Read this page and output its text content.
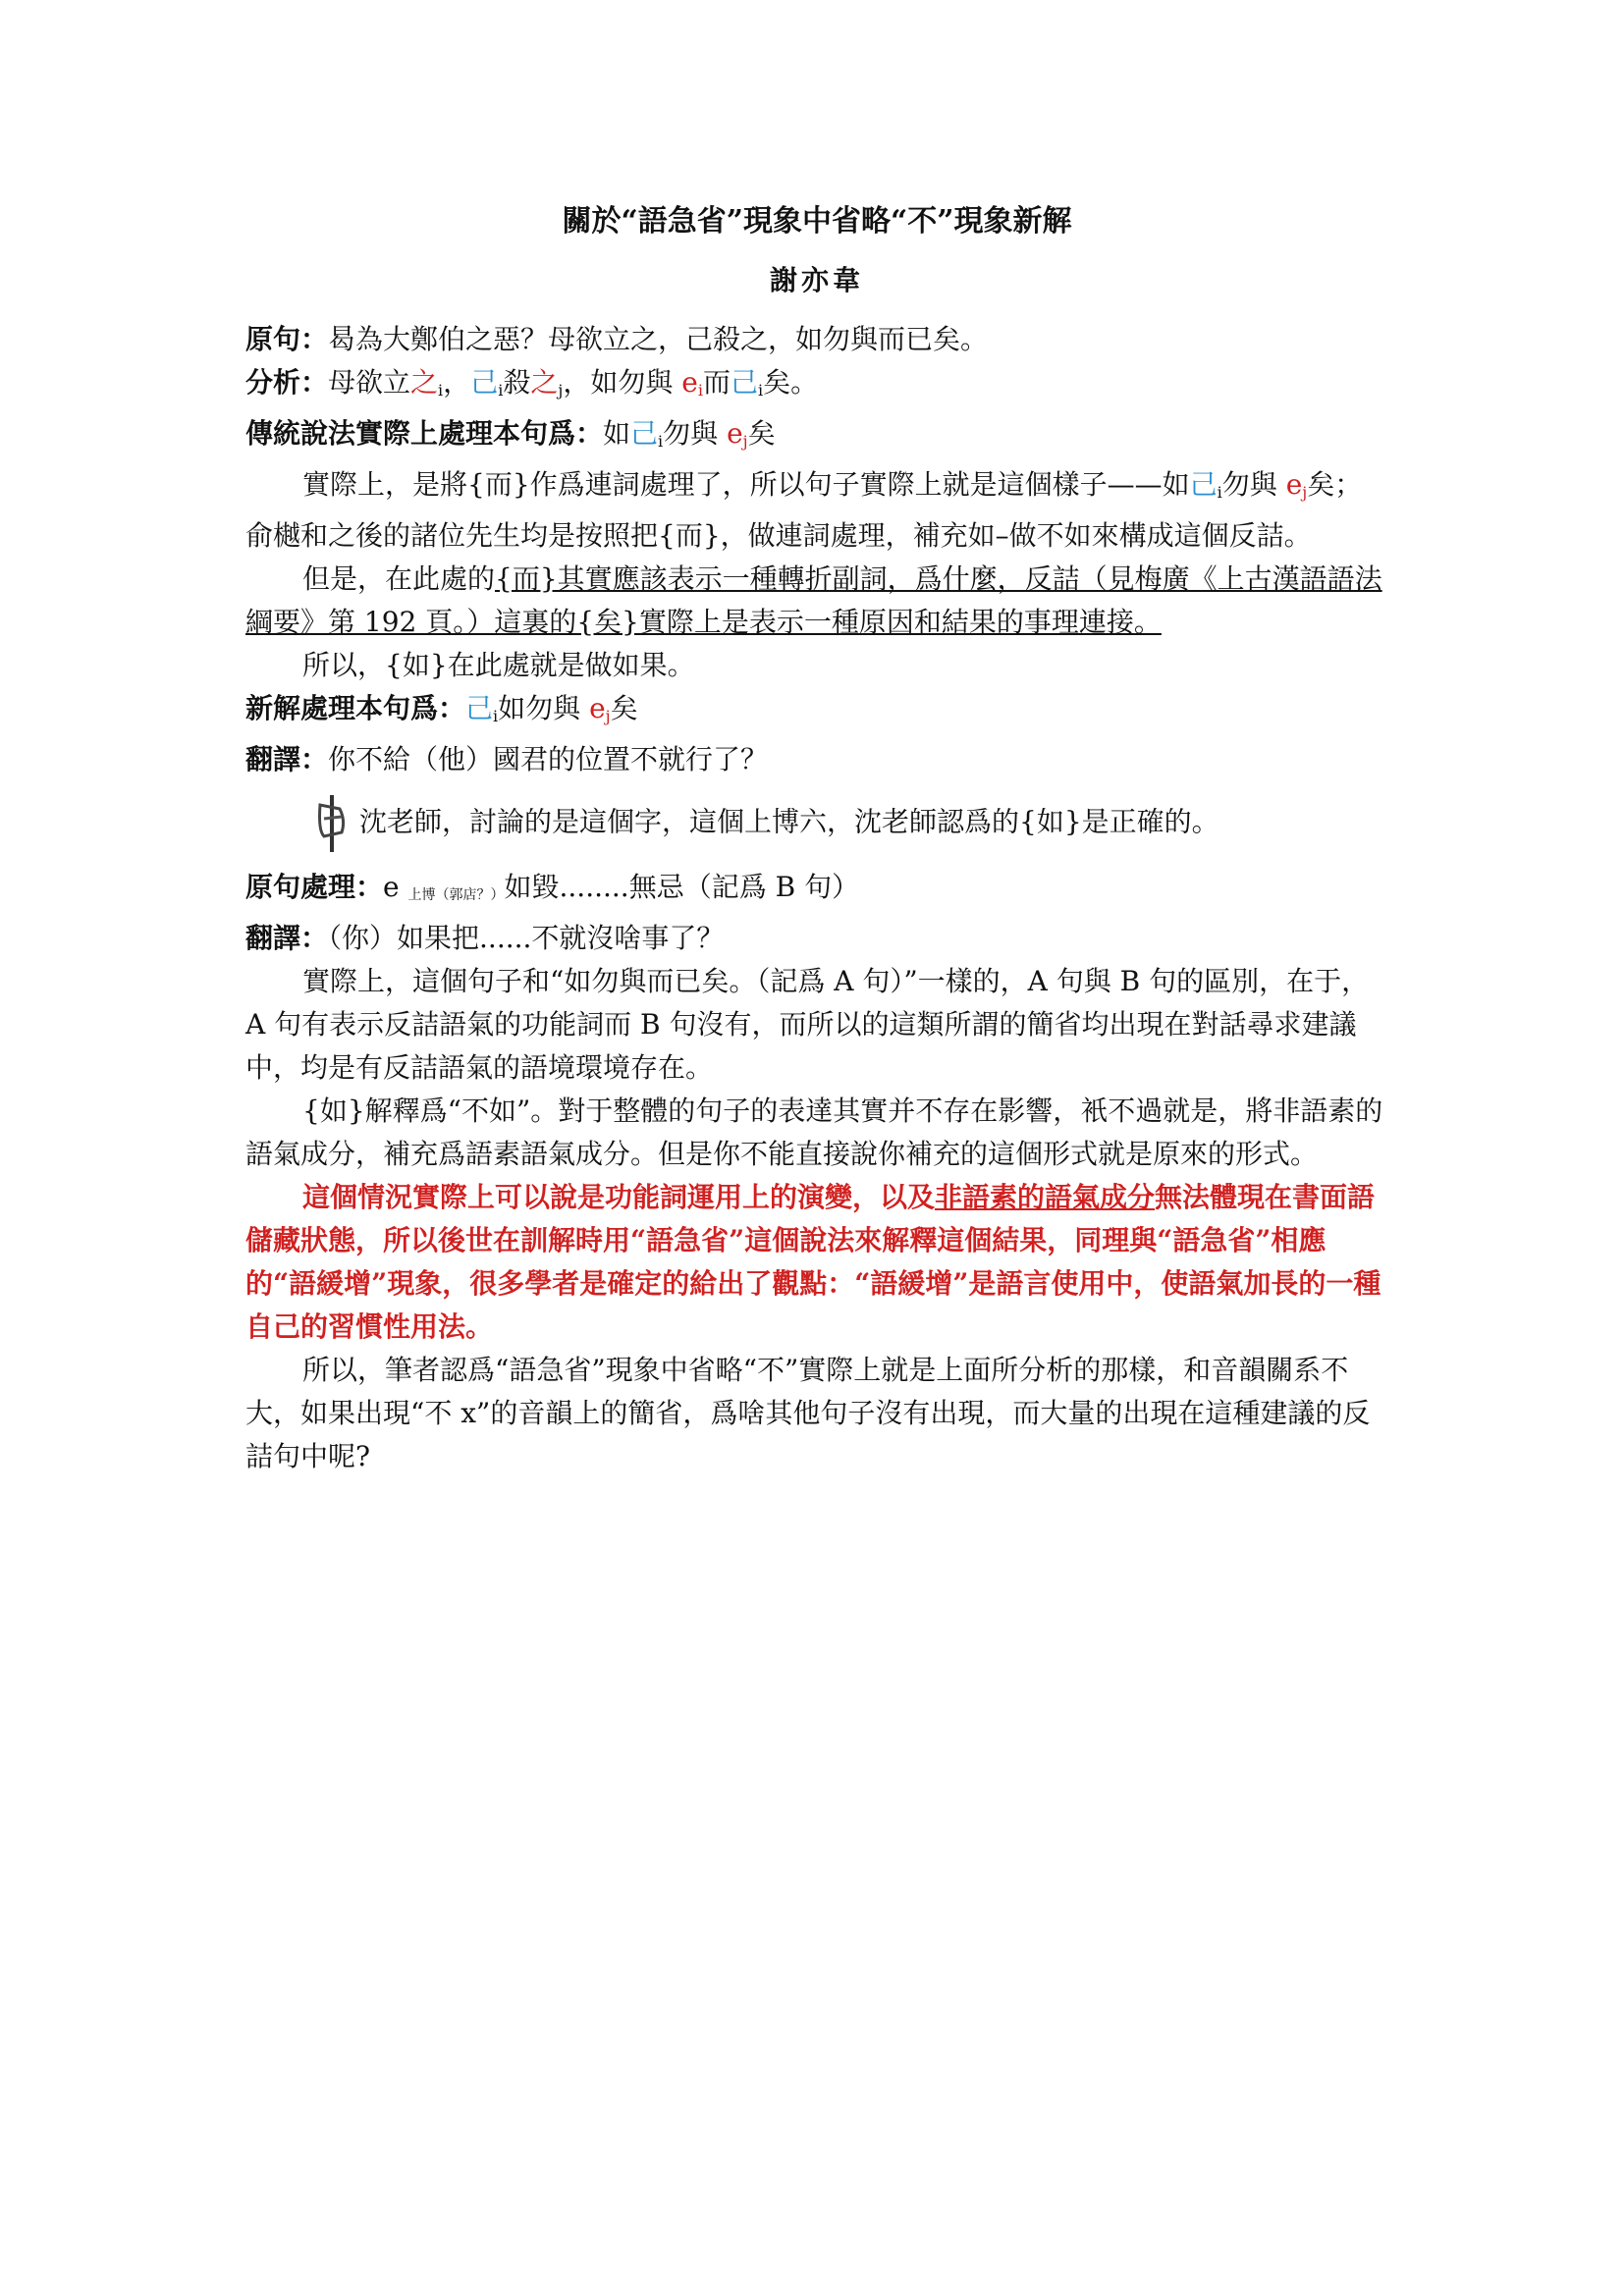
關於“語急省”現象中省略“不”現象新解
謝亦韋

原句：曷為大鄭伯之惡？母欲立之，己殺之，如勿與而已矣。

分析：母欲立之$_i$，己$_i$殺之$_j$，如勿與 $e_i$而己$_i$矣。

傳統說法實際上處理本句爲：如己$_i$勿與 $e_j$矣

實際上，是將{而}作爲連詞處理了，所以句子實際上就是這個樣子——如己$_i$勿與 $e_j$矣；俞樾和之後的諸位先生均是按照把{而}，做連詞處理，補充如–做不如來構成這個反詰。

但是，在此處的{而}其實應該表示一種轉折副詞，爲什麼，反詰（見梅廣《上古漢語語法綱要》第 192 頁。）這裏的{矣}實際上是表示一種原因和結果的事理連接。

所以，{如}在此處就是做如果。

新解處理本句爲：己$_i$如勿與 $e_j$矣

翻譯：你不給（他）國君的位置不就行了？

沈老師，討論的是這個字，這個上博六，沈老師認爲的{如}是正確的。

原句處理：e 上博（郭店？）如毀........無忌（記爲 B 句）

翻譯：（你）如果把......不就沒啥事了？

實際上，這個句子和“如勿與而已矣。（記爲 A 句）”一樣的，A 句與 B 句的區別，在于，A 句有表示反詰語氣的功能詞而 B 句沒有，而所以的這類所謂的簡省均出現在對話尋求建議中，均是有反詰語氣的語境環境存在。

{如}解釋爲“不如”。對于整體的句子的表達其實并不存在影響，衹不過就是，將非語素的語氣成分，補充爲語素語氣成分。但是你不能直接說你補充的這個形式就是原來的形式。

這個情況實際上可以說是功能詞運用上的演變，以及非語素的語氣成分無法體現在書面語儲藏狀態，所以後世在訓解時用“語急省”這個說法來解釋這個結果，同理與“語急省”相應的“語緩增”現象，很多學者是確定的給出了觀點：“語緩增”是語言使用中，使語氣加長的一種自己的習慣性用法。

所以，筆者認爲“語急省”現象中省略“不”實際上就是上面所分析的那樣，和音韻關系不大，如果出現“不 x”的音韻上的簡省，爲啥其他句子沒有出現，而大量的出現在這種建議的反詰句中呢?
